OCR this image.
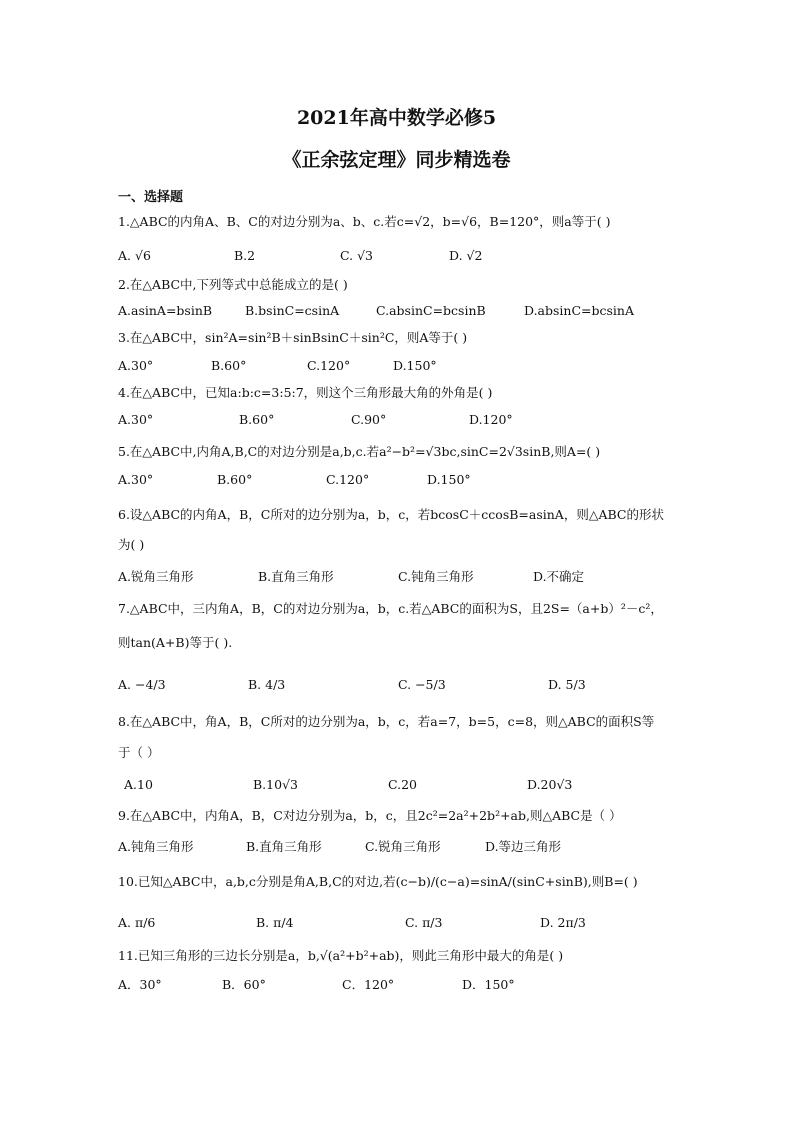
2021年高中数学必修5
《正余弦定理》同步精选卷
一、选择题
1.△ABC的内角A、B、C的对边分别为a、b、c.若c=√2，b=√6，B=120°，则a等于( )
A. √6	B.2	C. √3	D. √2
2.在△ABC中,下列等式中总能成立的是( )
A.asinA=bsinB	B.bsinC=csinA	C.absinC=bcsinB	D.absinC=bcsinA
3.在△ABC中，sin²A=sin²B＋sinBsinC＋sin²C，则A等于( )
A.30°	B.60°	C.120°	D.150°
4.在△ABC中，已知a:b:c=3:5:7，则这个三角形最大角的外角是( )
A.30°	B.60°	C.90°	D.120°
5.在△ABC中,内角A,B,C的对边分别是a,b,c.若a²−b²=√3bc,sinC=2√3sinB,则A=( )
A.30°	B.60°	C.120°	D.150°
6.设△ABC的内角A，B，C所对的边分别为a，b，c，若bcosC＋ccosB=asinA，则△ABC的形状
为( )
A.锐角三角形	B.直角三角形	C.钝角三角形	D.不确定
7.△ABC中，三内角A，B，C的对边分别为a，b，c.若△ABC的面积为S，且2S=（a+b）²－c²，
则tan(A+B)等于( ).
A. −4/3	B. 4/3	C. −5/3	D. 5/3
8.在△ABC中，角A，B，C所对的边分别为a，b，c，若a=7，b=5，c=8，则△ABC的面积S等
于（ ）
A.10	B.10√3	C.20	D.20√3
9.在△ABC中，内角A，B，C对边分别为a，b，c，且2c²=2a²+2b²+ab,则△ABC是（ ）
A.钝角三角形	B.直角三角形	C.锐角三角形	D.等边三角形
10.已知△ABC中，a,b,c分别是角A,B,C的对边,若(c−b)/(c−a)=sinA/(sinC+sinB),则B=( )
A. π/6	B. π/4	C. π/3	D. 2π/3
11.已知三角形的三边长分别是a，b,√(a²+b²+ab)，则此三角形中最大的角是( )
A．30°	B．60°	C．120°	D．150°
